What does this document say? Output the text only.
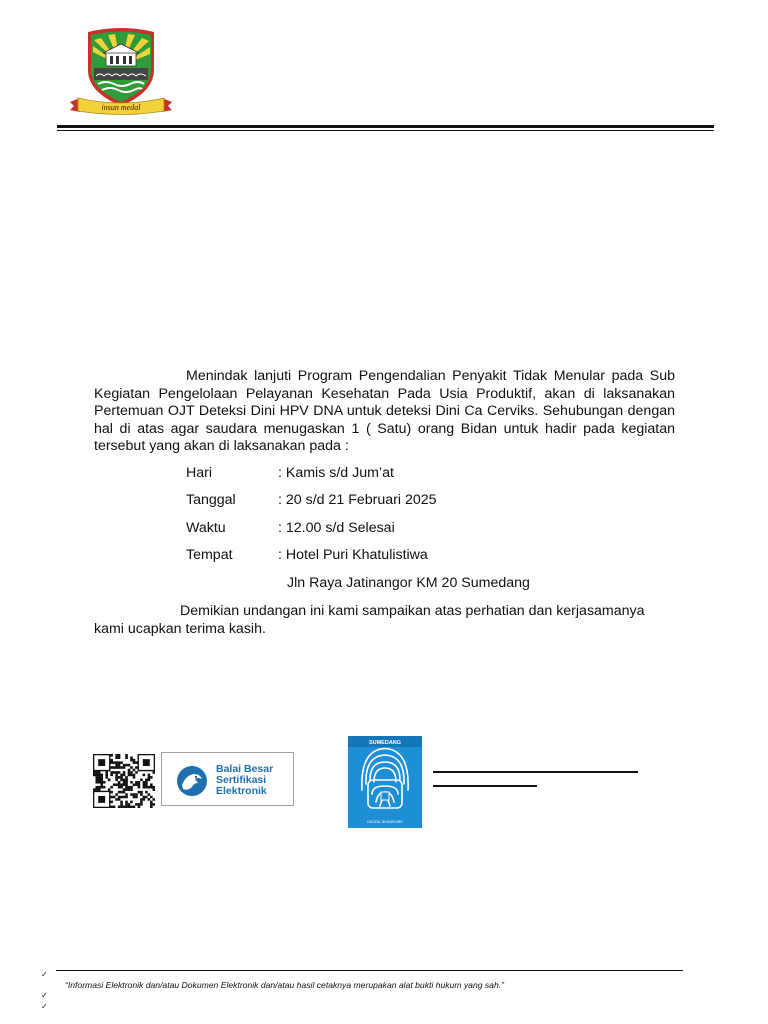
insun medal

Menindak lanjuti Program Pengendalian Penyakit Tidak Menular pada Sub Kegiatan Pengelolaan Pelayanan Kesehatan Pada Usia Produktif, akan di laksanakan Pertemuan OJT Deteksi Dini HPV DNA untuk deteksi Dini Ca Cerviks. Sehubungan dengan hal di atas agar saudara menugaskan 1 ( Satu) orang Bidan untuk hadir pada kegiatan tersebut yang akan di laksanakan pada :

Hari	: Kamis s/d Jum’at
Tanggal	: 20 s/d 21 Februari 2025
Waktu	: 12.00 s/d Selesai
Tempat	: Hotel Puri Khatulistiwa
Jln Raya Jatinangor KM 20 Sumedang

Demikian undangan ini kami sampaikan atas perhatian dan kerjasamanya kami ucapkan terima kasih.

Balai Besar
Sertifikasi
Elektronik
SUMEDANG
DIGITAL SIGNATURE
✓
“Informasi Elektronik dan/atau Dokumen Elektronik dan/atau hasil cetaknya merupakan alat bukti hukum yang sah.”
✓
✓
